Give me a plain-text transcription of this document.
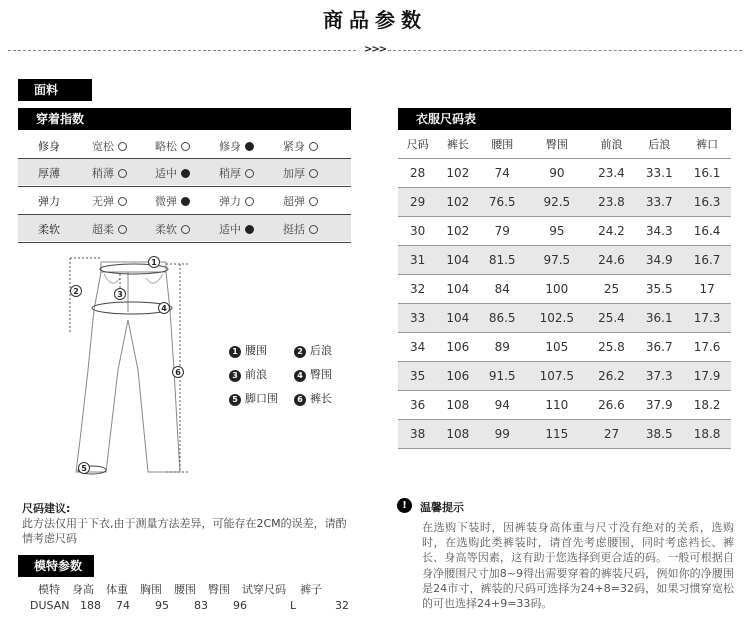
商品参数
>>>
面料
穿着指数
修身	宽松	略松	修身	紧身
厚薄	稍薄	适中	稍厚	加厚
弹力	无弹	微弹	弹力	超弹
柔软	超柔	柔软	适中	挺括
衣服尺码表
尺码	裤长	腰围	臀围	前浪	后浪	裤口
28	102	74	90	23.4	33.1	16.1
29	102	76.5	92.5	23.8	33.7	16.3
30	102	79	95	24.2	34.3	16.4
31	104	81.5	97.5	24.6	34.9	16.7
32	104	84	100	25	35.5	17
33	104	86.5	102.5	25.4	36.1	17.3
34	106	89	105	25.8	36.7	17.6
35	106	91.5	107.5	26.2	37.3	17.9
36	108	94	110	26.6	37.9	18.2
38	108	99	115	27	38.5	18.8
1
2	3
4
5
6
1 腰围	2 后浪
3 前浪	4 臀围
5 脚口围	6 裤长
尺码建议:
此方法仅用于下衣,由于测量方法差异，可能存在2CM的误差，请酌情考虑尺码
模特参数
模特 身高 体重 胸围 腰围 臀围 试穿尺码 裤子
DUSAN 188 74 95 83 96	L	32
!	温馨提示
在选购下装时，因裤装身高体重与尺寸没有绝对的关系，选购时，在选购此类裤装时，请首先考虑腰围，同时考虑裆长、裤长、身高等因素，这有助于您选择到更合适的码。一般可根据自身净腰围尺寸加8~9得出需要穿着的裤装尺码，例如你的净腰围是24市寸，裤装的尺码可选择为24+8=32码，如果习惯穿宽松的可也选择24+9=33码。
